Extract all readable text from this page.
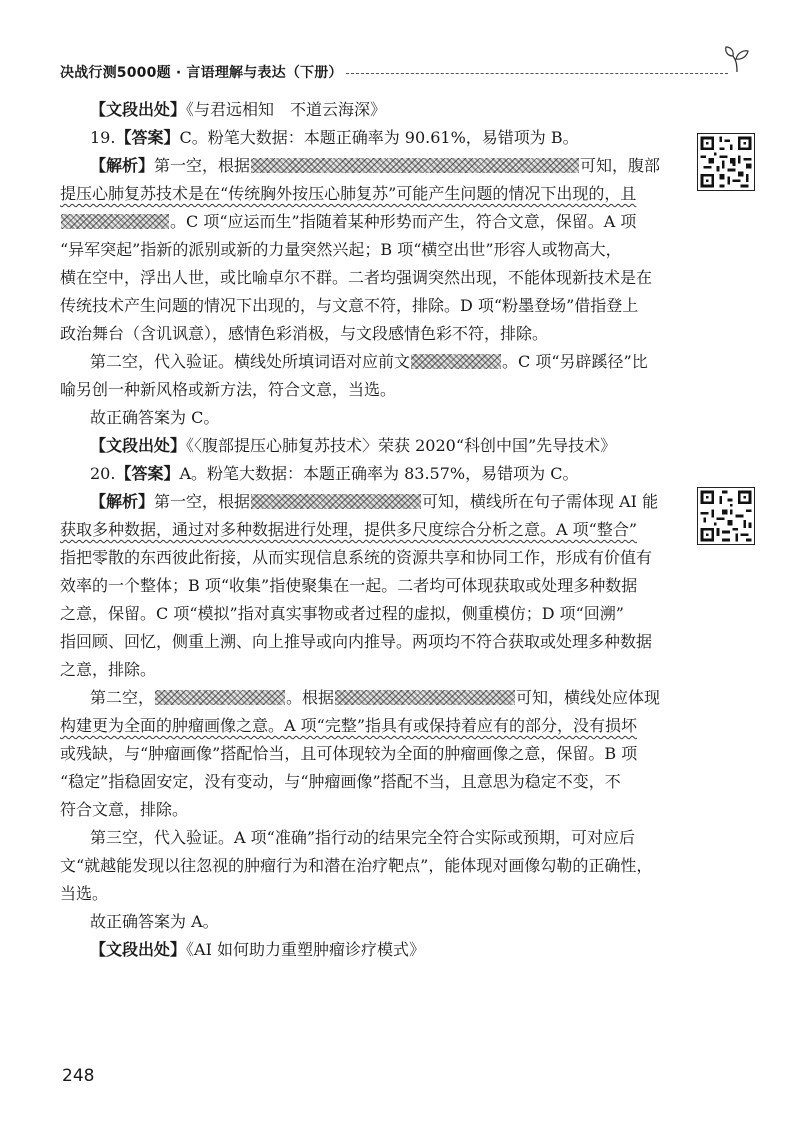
决战行测5000题 · 言语理解与表达（下册）
【文段出处】《与君远相知　不道云海深》
19.【答案】C。粉笔大数据：本题正确率为 90.61%，易错项为 B。
【解析】第一空，根据	可知，腹部
提压心肺复苏技术是在“传统胸外按压心肺复苏”可能产生问题的情况下出现的，且
。C 项“应运而生”指随着某种形势而产生，符合文意，保留。A 项
“异军突起”指新的派别或新的力量突然兴起；B 项“横空出世”形容人或物高大，
横在空中，浮出人世，或比喻卓尔不群。二者均强调突然出现，不能体现新技术是在
传统技术产生问题的情况下出现的，与文意不符，排除。D 项“粉墨登场”借指登上
政治舞台（含讥讽意），感情色彩消极，与文段感情色彩不符，排除。
第二空，代入验证。横线处所填词语对应前文	。C 项“另辟蹊径”比
喻另创一种新风格或新方法，符合文意，当选。
故正确答案为 C。
【文段出处】《〈腹部提压心肺复苏技术〉荣获 2020“科创中国”先导技术》
20.【答案】A。粉笔大数据：本题正确率为 83.57%，易错项为 C。
【解析】第一空，根据	可知，横线所在句子需体现 AI 能
获取多种数据，通过对多种数据进行处理，提供多尺度综合分析之意。A 项“整合”
指把零散的东西彼此衔接，从而实现信息系统的资源共享和协同工作，形成有价值有
效率的一个整体；B 项“收集”指使聚集在一起。二者均可体现获取或处理多种数据
之意，保留。C 项“模拟”指对真实事物或者过程的虚拟，侧重模仿；D 项“回溯”
指回顾、回忆，侧重上溯、向上推导或向内推导。两项均不符合获取或处理多种数据
之意，排除。
第二空，	。根据	可知，横线处应体现
构建更为全面的肿瘤画像之意。A 项“完整”指具有或保持着应有的部分，没有损坏
或残缺，与“肿瘤画像”搭配恰当，且可体现较为全面的肿瘤画像之意，保留。B 项
“稳定”指稳固安定，没有变动，与“肿瘤画像”搭配不当，且意思为稳定不变，不
符合文意，排除。
第三空，代入验证。A 项“准确”指行动的结果完全符合实际或预期，可对应后
文“就越能发现以往忽视的肿瘤行为和潜在治疗靶点”，能体现对画像勾勒的正确性，
当选。
故正确答案为 A。
【文段出处】《AI 如何助力重塑肿瘤诊疗模式》
248
